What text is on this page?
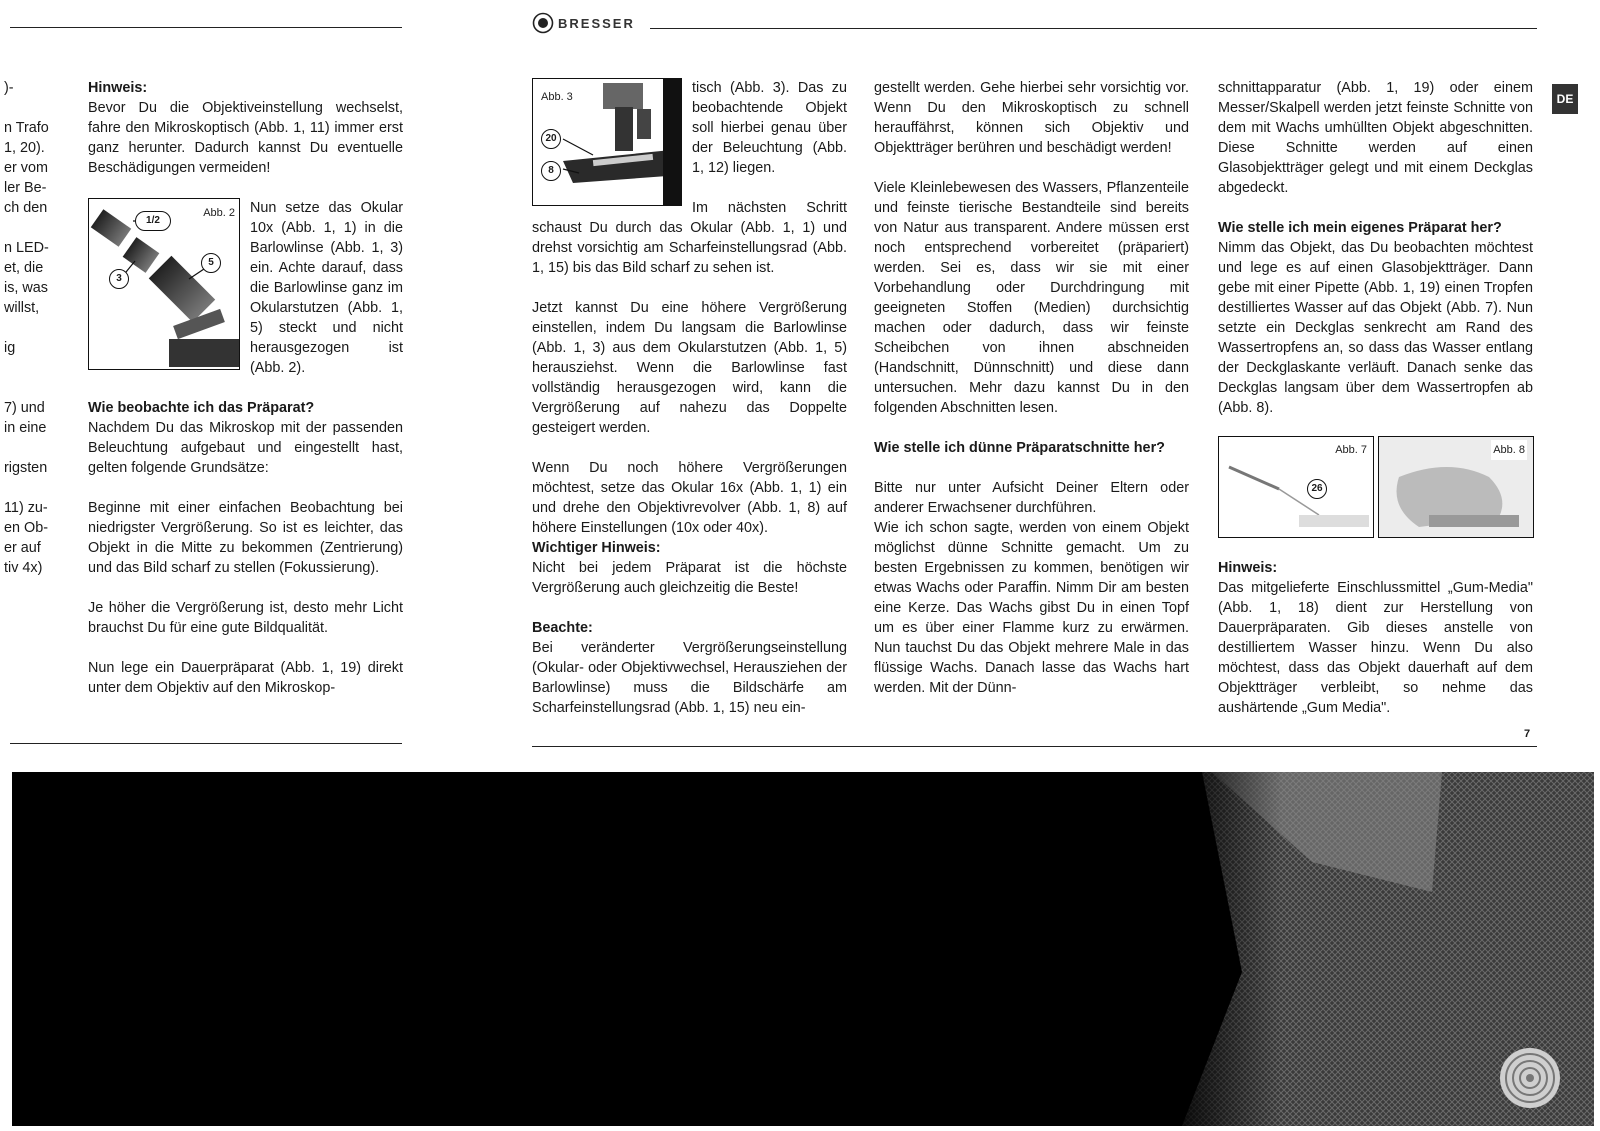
BRESSER
DE
)-
n Trafo
1, 20).
er vom
ler Be-
ch den
n LED-
et, die
is, was
willst,
ig
7) und
in eine
rigsten
11) zu-
en Ob-
er auf
tiv 4x)

Hinweis:

Bevor Du die Objektiveinstellung wechselst, fahre den Mikroskoptisch (Abb. 1, 11) immer erst ganz herunter. Dadurch kannst Du eventuelle Beschädigungen vermeiden!

Abb. 2
1/2
3
5

Nun setze das Okular 10x (Abb. 1, 1) in die Barlowlinse (Abb. 1, 3) ein. Achte darauf, dass die Barlowlinse ganz im Okularstutzen (Abb. 1, 5) steckt und nicht herausgezogen ist (Abb. 2).

Wie beobachte ich das Präparat?

Nachdem Du das Mikroskop mit der passenden Beleuchtung aufgebaut und eingestellt hast, gelten folgende Grundsätze:

Beginne mit einer einfachen Beobachtung bei niedrigster Vergrößerung. So ist es leichter, das Objekt in die Mitte zu bekommen (Zentrierung) und das Bild scharf zu stellen (Fokussierung).

Je höher die Vergrößerung ist, desto mehr Licht brauchst Du für eine gute Bildqualität.

Nun lege ein Dauerpräparat (Abb. 1, 19) direkt unter dem Objektiv auf den Mikroskop-

Abb. 3
20
8

tisch (Abb. 3). Das zu beobachtende Objekt soll hierbei genau über der Beleuchtung (Abb. 1, 12) liegen.

Im nächsten Schritt schaust Du durch das Okular (Abb. 1, 1) und drehst vorsichtig am Scharfeinstellungsrad (Abb. 1, 15) bis das Bild scharf zu sehen ist.

Jetzt kannst Du eine höhere Vergrößerung einstellen, indem Du langsam die Barlowlinse (Abb. 1, 3) aus dem Okularstutzen (Abb. 1, 5) herausziehst. Wenn die Barlowlinse fast vollständig herausgezogen wird, kann die Vergrößerung auf nahezu das Doppelte gesteigert werden.

Wenn Du noch höhere Vergrößerungen möchtest, setze das Okular 16x (Abb. 1, 1) ein und drehe den Objektivrevolver (Abb. 1, 8) auf höhere Einstellungen (10x oder 40x).

Wichtiger Hinweis:

Nicht bei jedem Präparat ist die höchste Vergrößerung auch gleichzeitig die Beste!

Beachte:

Bei veränderter Vergrößerungseinstellung (Okular- oder Objektivwechsel, Herausziehen der Barlowlinse) muss die Bildschärfe am Scharfeinstellungsrad (Abb. 1, 15) neu ein-

gestellt werden. Gehe hierbei sehr vorsichtig vor. Wenn Du den Mikroskoptisch zu schnell herauffährst, können sich Objektiv und Objektträger berühren und beschädigt werden!

Viele Kleinlebewesen des Wassers, Pflanzenteile und feinste tierische Bestandteile sind bereits von Natur aus transparent. Andere müssen erst noch entsprechend vorbereitet (präpariert) werden. Sei es, dass wir sie mit einer Vorbehandlung oder Durchdringung mit geeigneten Stoffen (Medien) durchsichtig machen oder dadurch, dass wir feinste Scheibchen von ihnen abschneiden (Handschnitt, Dünnschnitt) und diese dann untersuchen. Mehr dazu kannst Du in den folgenden Abschnitten lesen.

Wie stelle ich dünne Präparatschnitte her?

Bitte nur unter Aufsicht Deiner Eltern oder anderer Erwachsener durchführen.

Wie ich schon sagte, werden von einem Objekt möglichst dünne Schnitte gemacht. Um zu besten Ergebnissen zu kommen, benötigen wir etwas Wachs oder Paraffin. Nimm Dir am besten eine Kerze. Das Wachs gibst Du in einen Topf um es über einer Flamme kurz zu erwärmen. Nun tauchst Du das Objekt mehrere Male in das flüssige Wachs. Danach lasse das Wachs hart werden. Mit der Dünn-

schnittapparatur (Abb. 1, 19) oder einem Messer/Skalpell werden jetzt feinste Schnitte von dem mit Wachs umhüllten Objekt abgeschnitten. Diese Schnitte werden auf einen Glasobjektträger gelegt und mit einem Deckglas abgedeckt.

Wie stelle ich mein eigenes Präparat her?

Nimm das Objekt, das Du beobachten möchtest und lege es auf einen Glasobjektträger. Dann gebe mit einer Pipette (Abb. 1, 19) einen Tropfen destilliertes Wasser auf das Objekt (Abb. 7). Nun setzte ein Deckglas senkrecht am Rand des Wassertropfens an, so dass das Wasser entlang der Deckglaskante verläuft. Danach senke das Deckglas langsam über dem Wassertropfen ab (Abb. 8).

Abb. 7
26
Abb. 8

Hinweis:

Das mitgelieferte Einschlussmittel „Gum-Media" (Abb. 1, 18) dient zur Herstellung von Dauerpräparaten. Gib dieses anstelle von destilliertem Wasser hinzu. Wenn Du also möchtest, dass das Objekt dauerhaft auf dem Objektträger verbleibt, so nehme das aushärtende „Gum Media".

7
